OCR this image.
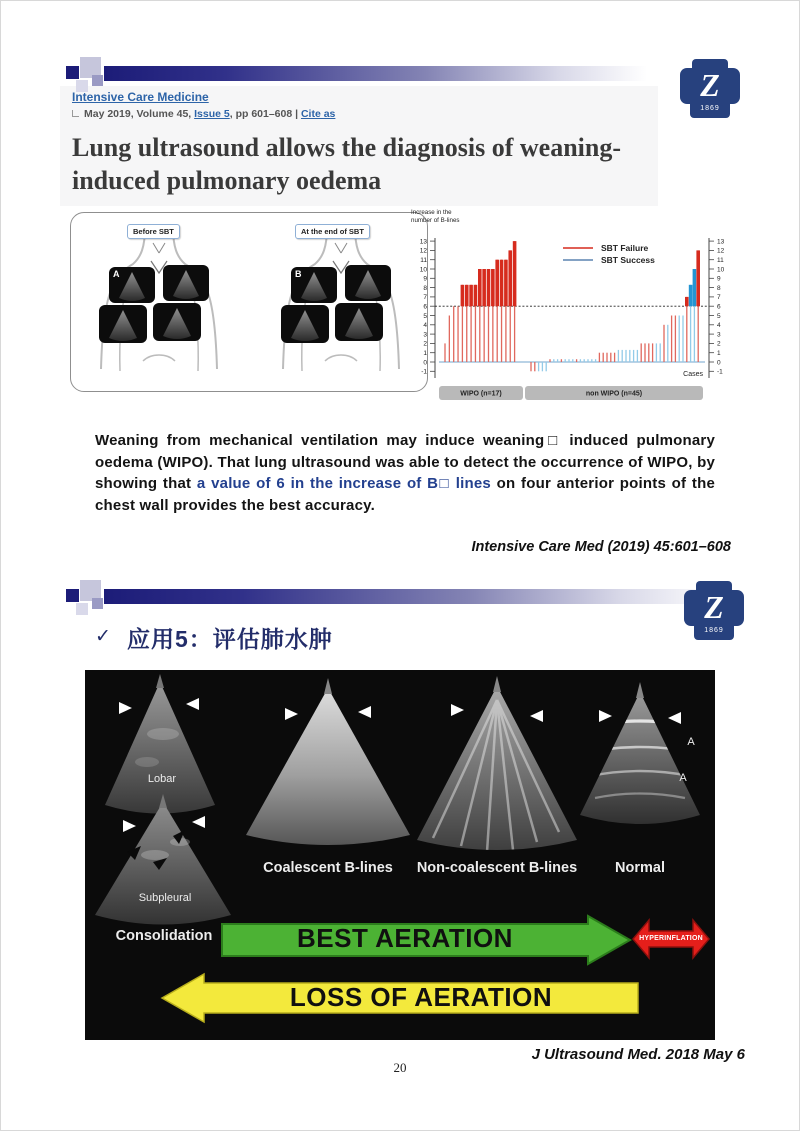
Z
1869
Intensive Care Medicine
May 2019, Volume 45, Issue 5, pp 601–608 | Cite as
Lung ultrasound allows the diagnosis of weaning-induced pulmonary oedema
Before SBT	At the end of SBT
A	B
-1	-1
0	0
1	1
2	2
3	3
4	4
5	5
6	6
7	7
8	8
9	9
10	10
11	11
12	12
13	13
Increase in the
number of B-lines
WIPO (n=17)	non WIPO (n=45)
SBT Failure
SBT Success
Cases

Weaning from mechanical ventilation may induce weaning□ induced pulmonary oedema (WIPO). That lung ultrasound was able to detect the occurrence of WIPO, by showing that a value of 6 in the increase of B□ lines on four anterior points of the chest wall provides the best accuracy.

Intensive Care Med (2019) 45:601–608
Z
1869
✓ 应用5：评估肺水肿
Lobar
Subpleural
Consolidation
Coalescent B-lines	Non-coalescent B-lines	Normal
A
A
BEST AERATION	HYPERINFLATION
LOSS OF AERATION
J Ultrasound Med. 2018 May 6
20
